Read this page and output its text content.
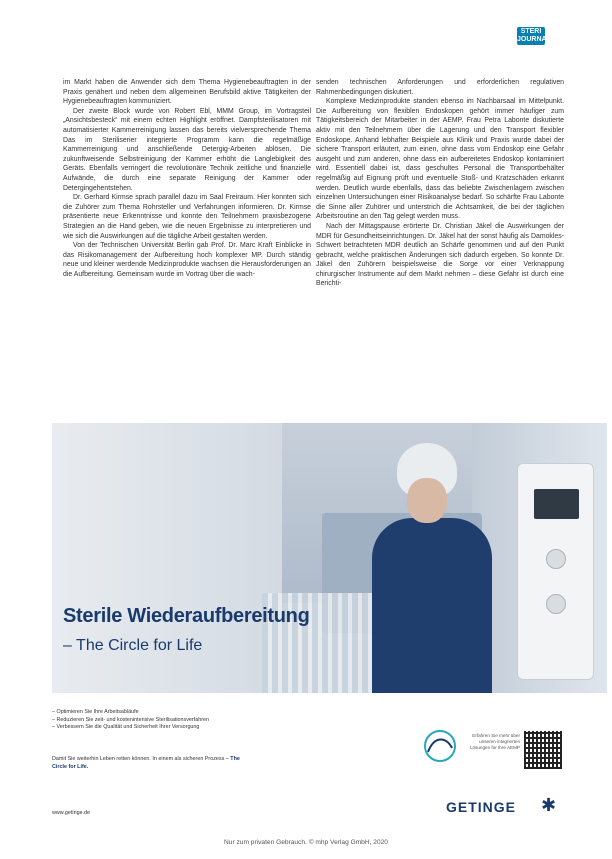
STERI JOURNAL

im Markt haben die Anwender sich dem Thema Hygienebeauftragten in der Praxis genähert und neben dem allgemeinen Berufsbild aktive Tätigkeiten der Hygienebeauftragten kommuniziert.

Der zweite Block wurde von Robert Ebl, MMM Group, im Vortragsteil „Ansichtsbesteck“ mit einem echten Highlight eröffnet. Dampfsterilisatoren mit automatisierter Kammerreinigung lassen das bereits vielversprechende Thema Das im Steriliserier integrierte Programm kann die regelmäßige Kammerreinigung und anschließende Detergig-Arbeiten ablösen. Die zukunftweisende Selbstreinigung der Kammer erhöht die Langlebigkeit des Geräts. Ebenfalls verringert die revolutionäre Technik zeitliche und finanzielle Aufwände, die durch eine separate Reinigung der Kammer oder Detergingehentstehen.

Dr. Gerhard Kirmse sprach parallel dazu im Saal Freiraum. Hier konnten sich die Zuhörer zum Thema Rohrsteller und Verfahrungen informieren. Dr. Kirmse präsentierte neue Erkenntnisse und konnte den Teilnehmern praxisbezogene Strategien an die Hand geben, wie die neuen Ergebnisse zu interpretieren und wie sich die Auswirkungen auf die tägliche Arbeit gestalten werden.

Von der Technischen Universität Berlin gab Prof. Dr. Marc Kraft Einblicke in das Risikomanagement der Aufbereitung hoch komplexer MP. Durch ständig neue und kleiner werdende Medizinprodukte wachsen die Herausforderungen an die Aufbereitung. Gemeinsam wurde im Vortrag über die wach-

senden technischen Anforderungen und erforderlichen regulativen Rahmenbedingungen diskutiert.

Komplexe Medizinprodukte standen ebenso im Nachbarsaal im Mittelpunkt. Die Aufbereitung von flexiblen Endoskopen gehört immer häufiger zum Tätigkeitsbereich der Mitarbeiter in der AEMP. Frau Petra Labonte diskutierte aktiv mit den Teilnehmern über die Lagerung und den Transport flexibler Endoskope. Anhand lebhafter Beispiele aus Klinik und Praxis wurde dabei der sichere Transport erläutert, zum einen, ohne dass vom Endoskop eine Gefahr ausgeht und zum anderen, ohne dass ein aufbereitetes Endoskop kontaminiert wird. Essentiell dabei ist, dass geschultes Personal die Transportbehälter regelmäßig auf Eignung prüft und eventuelle Stoß- und Kratzschäden erkannt werden. Deutlich wurde ebenfalls, dass das beliebte Zwischenlagern zwischen einzelnen Untersuchungen einer Risikoanalyse bedarf. So schärfte Frau Labonte die Sinne aller Zuhörer und unterstrich die Achtsamkeit, die bei der täglichen Arbeitsroutine an den Tag gelegt werden muss.

Nach der Mittagspause erörterte Dr. Christian Jäkel die Auswirkungen der MDR für Gesundheitseinrichtungen. Dr. Jäkel hat der sonst häufig als Damokles-Schwert betrachteten MDR deutlich an Schärfe genommen und auf den Punkt gebracht, welche praktischen Änderungen sich dadurch ergeben. So konnte Dr. Jäkel den Zuhörern beispielsweise die Sorge vor einer Verknappung chirurgischer Instrumente auf dem Markt nehmen – diese Gefahr ist durch eine Berichti-

Sterile Wiederaufbereitung
– The Circle for Life
– Optimieren Sie Ihre Arbeitsabläufe
– Reduzieren Sie zeit- und kostenintensive Sterilisationsverfahren
– Verbessern Sie die Qualität und Sicherheit Ihrer Versorgung
Damit Sie weiterhin Leben retten können. In einem als sicheren Prozess – The Circle for Life.
Erfahren Sie mehr über unseren integrierten Lösungen für Ihre AEMP
www.getinge.de	GETINGE ✱
Nur zum privaten Gebrauch. © mhp Verlag GmbH, 2020
